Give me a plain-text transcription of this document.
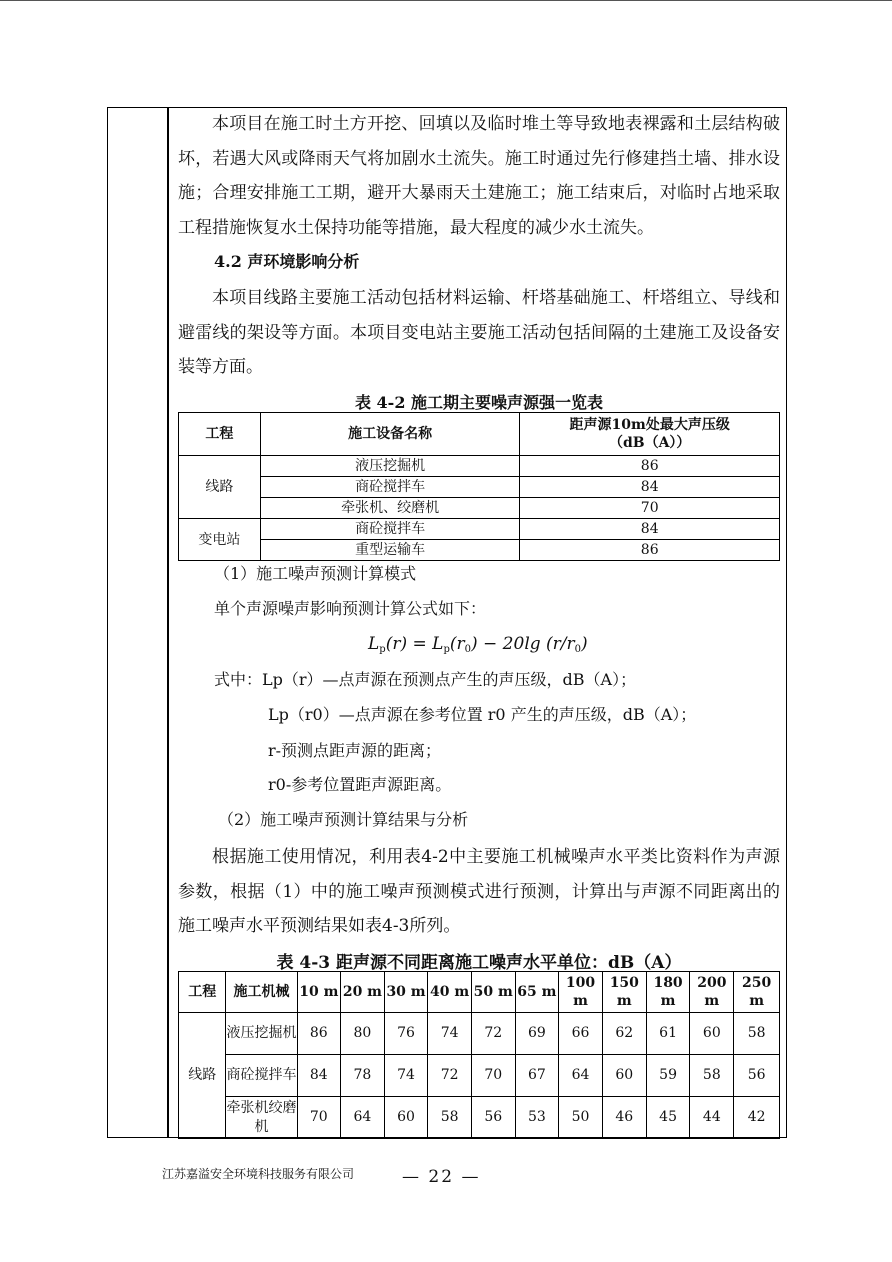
本项目在施工时土方开挖、回填以及临时堆土等导致地表裸露和土层结构破坏，若遇大风或降雨天气将加剧水土流失。施工时通过先行修建挡土墙、排水设施；合理安排施工工期，避开大暴雨天土建施工；施工结束后，对临时占地采取工程措施恢复水土保持功能等措施，最大程度的减少水土流失。

4.2 声环境影响分析

本项目线路主要施工活动包括材料运输、杆塔基础施工、杆塔组立、导线和避雷线的架设等方面。本项目变电站主要施工活动包括间隔的土建施工及设备安装等方面。

表 4-2 施工期主要噪声源强一览表
工程	施工设备名称	距声源10m处最大声压级
（dB（A））
线路	液压挖掘机	86
	商砼搅拌车	84
	牵张机、绞磨机	70
变电站	商砼搅拌车	84
	重型运输车	86
（1）施工噪声预测计算模式
单个声源噪声影响预测计算公式如下：
$L_p(r) = L_p(r_0) - 20\lg$ $(r/r_0)$
式中：Lp（r）—点声源在预测点产生的声压级，dB（A）；
Lp（r0）—点声源在参考位置 r0 产生的声压级，dB（A）；
r-预测点距声源的距离；
r0-参考位置距声源距离。
（2）施工噪声预测计算结果与分析

根据施工使用情况，利用表4-2中主要施工机械噪声水平类比资料作为声源参数，根据（1）中的施工噪声预测模式进行预测，计算出与声源不同距离出的施工噪声水平预测结果如表4-3所列。

表 4-3 距声源不同距离施工噪声水平单位：dB（A）
工程	施工机械	10 m	20 m	30 m	40 m	50 m	65 m	100 m	150 m	180 m	200 m	250 m
线路	液压挖掘机	86	80	76	74	72	69	66	62	61	60	58
	商砼搅拌车	84	78	74	72	70	67	64	60	59	58	56
	牵张机绞磨机	70	64	60	58	56	53	50	46	45	44	42
江苏嘉溢安全环境科技服务有限公司	— 22 —
